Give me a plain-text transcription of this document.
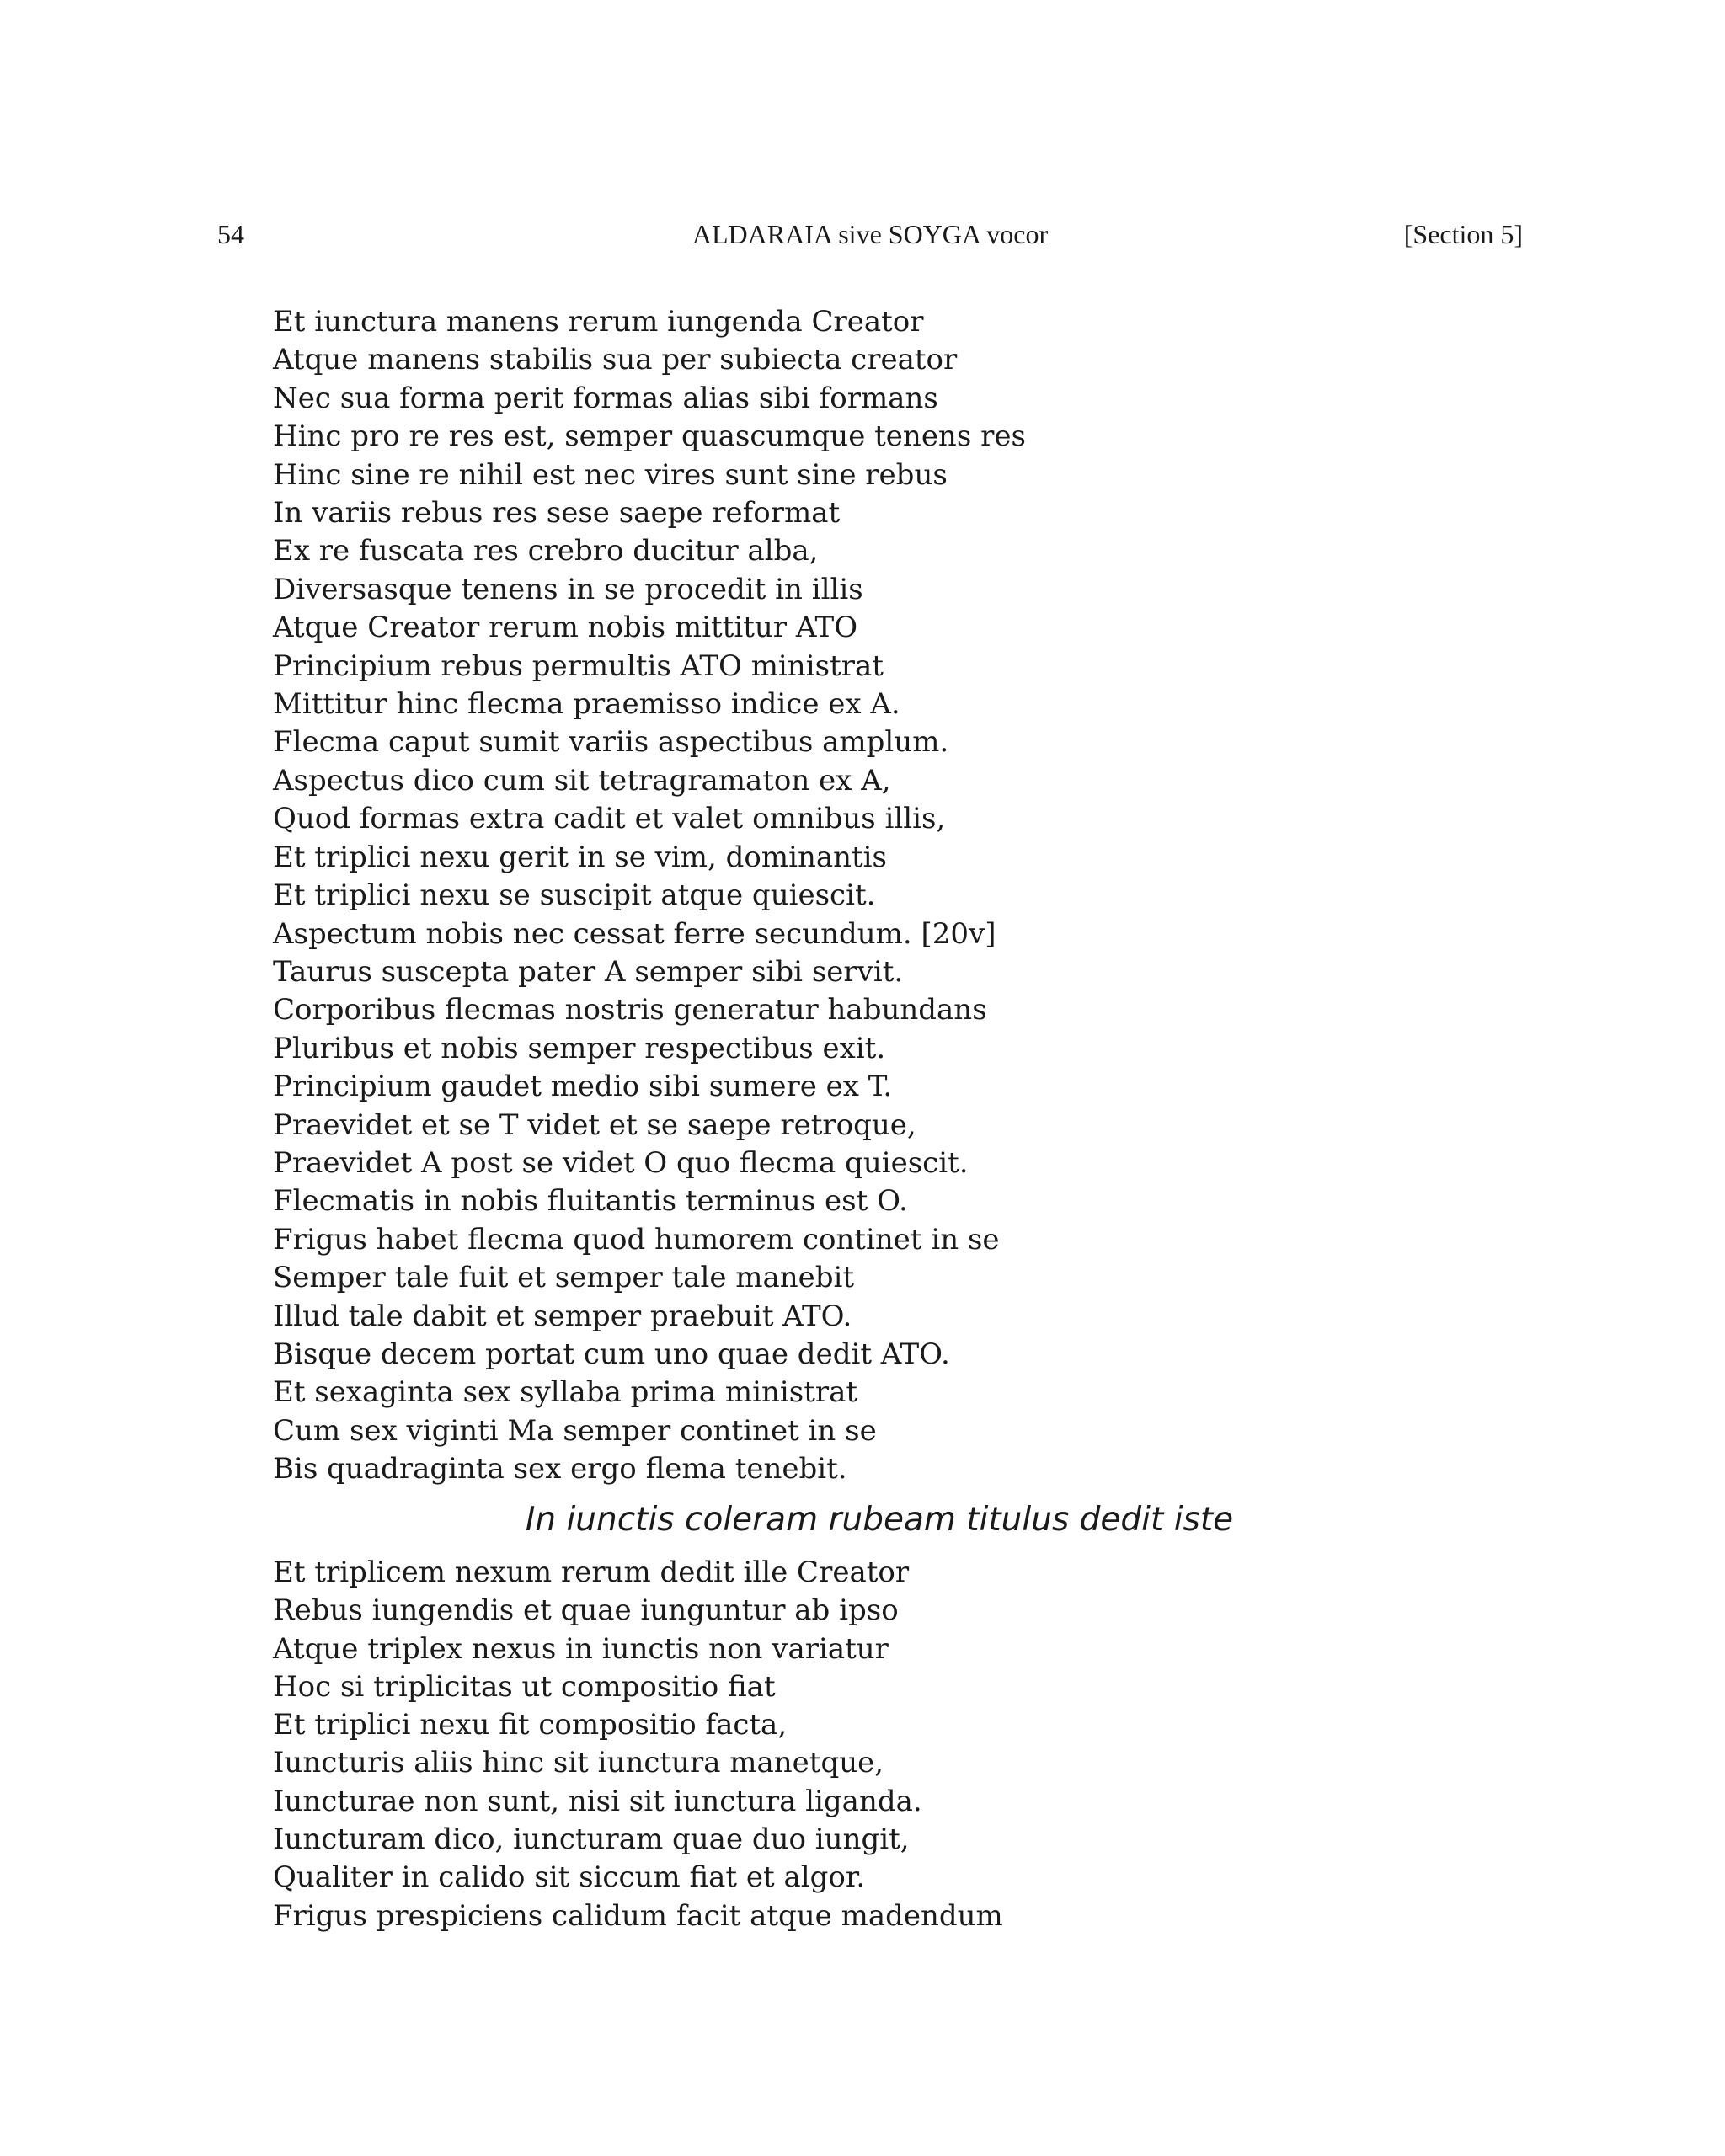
54	ALDARAIA sive SOYGA vocor	[Section 5]
Et iunctura manens rerum iungenda Creator
Atque manens stabilis sua per subiecta creator
Nec sua forma perit formas alias sibi formans
Hinc pro re res est, semper quascumque tenens res
Hinc sine re nihil est nec vires sunt sine rebus
In variis rebus res sese saepe reformat
Ex re fuscata res crebro ducitur alba,
Diversasque tenens in se procedit in illis
Atque Creator rerum nobis mittitur ATO
Principium rebus permultis ATO ministrat
Mittitur hinc flecma praemisso indice ex A.
Flecma caput sumit variis aspectibus amplum.
Aspectus dico cum sit tetragramaton ex A,
Quod formas extra cadit et valet omnibus illis,
Et triplici nexu gerit in se vim, dominantis
Et triplici nexu se suscipit atque quiescit.
Aspectum nobis nec cessat ferre secundum. [20v]
Taurus suscepta pater A semper sibi servit.
Corporibus flecmas nostris generatur habundans
Pluribus et nobis semper respectibus exit.
Principium gaudet medio sibi sumere ex T.
Praevidet et se T videt et se saepe retroque,
Praevidet A post se videt O quo flecma quiescit.
Flecmatis in nobis fluitantis terminus est O.
Frigus habet flecma quod humorem continet in se
Semper tale fuit et semper tale manebit
Illud tale dabit et semper praebuit ATO.
Bisque decem portat cum uno quae dedit ATO.
Et sexaginta sex syllaba prima ministrat
Cum sex viginti Ma semper continet in se
Bis quadraginta sex ergo flema tenebit.
In iunctis coleram rubeam titulus dedit iste
Et triplicem nexum rerum dedit ille Creator
Rebus iungendis et quae iunguntur ab ipso
Atque triplex nexus in iunctis non variatur
Hoc si triplicitas ut compositio fiat
Et triplici nexu fit compositio facta,
Iuncturis aliis hinc sit iunctura manetque,
Iuncturae non sunt, nisi sit iunctura liganda.
Iuncturam dico, iuncturam quae duo iungit,
Qualiter in calido sit siccum fiat et algor.
Frigus prespiciens calidum facit atque madendum
